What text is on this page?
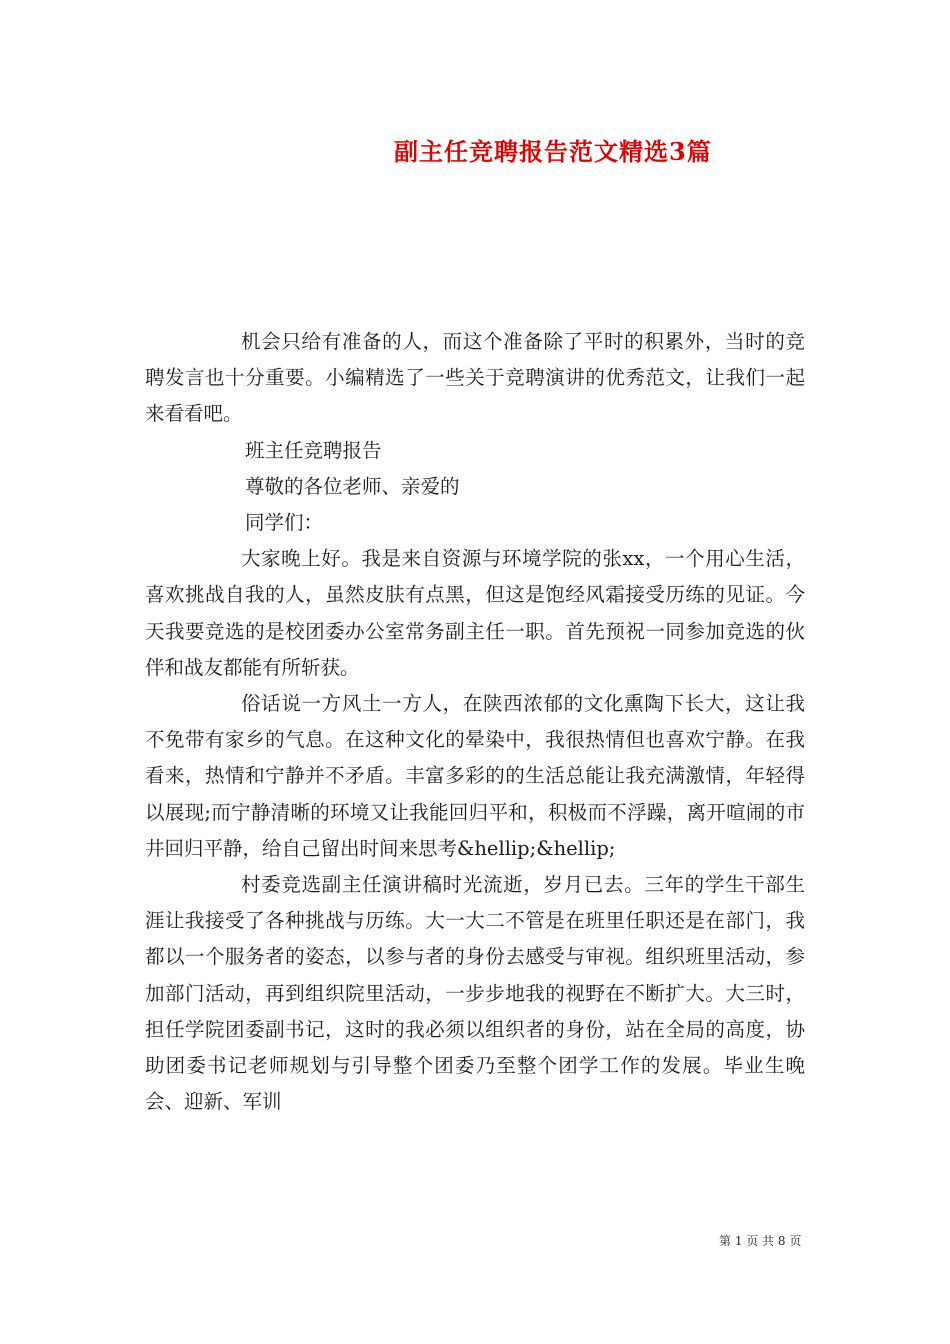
副主任竞聘报告范文精选3篇

机会只给有准备的人，而这个准备除了平时的积累外，当时的竞聘发言也十分重要。小编精选了一些关于竞聘演讲的优秀范文，让我们一起来看看吧。

班主任竞聘报告

尊敬的各位老师、亲爱的

同学们：

大家晚上好。我是来自资源与环境学院的张xx，一个用心生活，喜欢挑战自我的人，虽然皮肤有点黑，但这是饱经风霜接受历练的见证。今天我要竞选的是校团委办公室常务副主任一职。首先预祝一同参加竞选的伙伴和战友都能有所斩获。

俗话说一方风土一方人，在陕西浓郁的文化熏陶下长大，这让我不免带有家乡的气息。在这种文化的晕染中，我很热情但也喜欢宁静。在我看来，热情和宁静并不矛盾。丰富多彩的的生活总能让我充满激情，年轻得以展现;而宁静清晰的环境又让我能回归平和，积极而不浮躁，离开喧闹的市井回归平静，给自己留出时间来思考&hellip;&hellip;

村委竞选副主任演讲稿时光流逝，岁月已去。三年的学生干部生涯让我接受了各种挑战与历练。大一大二不管是在班里任职还是在部门，我都以一个服务者的姿态，以参与者的身份去感受与审视。组织班里活动，参加部门活动，再到组织院里活动，一步步地我的视野在不断扩大。大三时，担任学院团委副书记，这时的我必须以组织者的身份，站在全局的高度，协助团委书记老师规划与引导整个团委乃至整个团学工作的发展。毕业生晚会、迎新、军训

第 1 页 共 8 页
